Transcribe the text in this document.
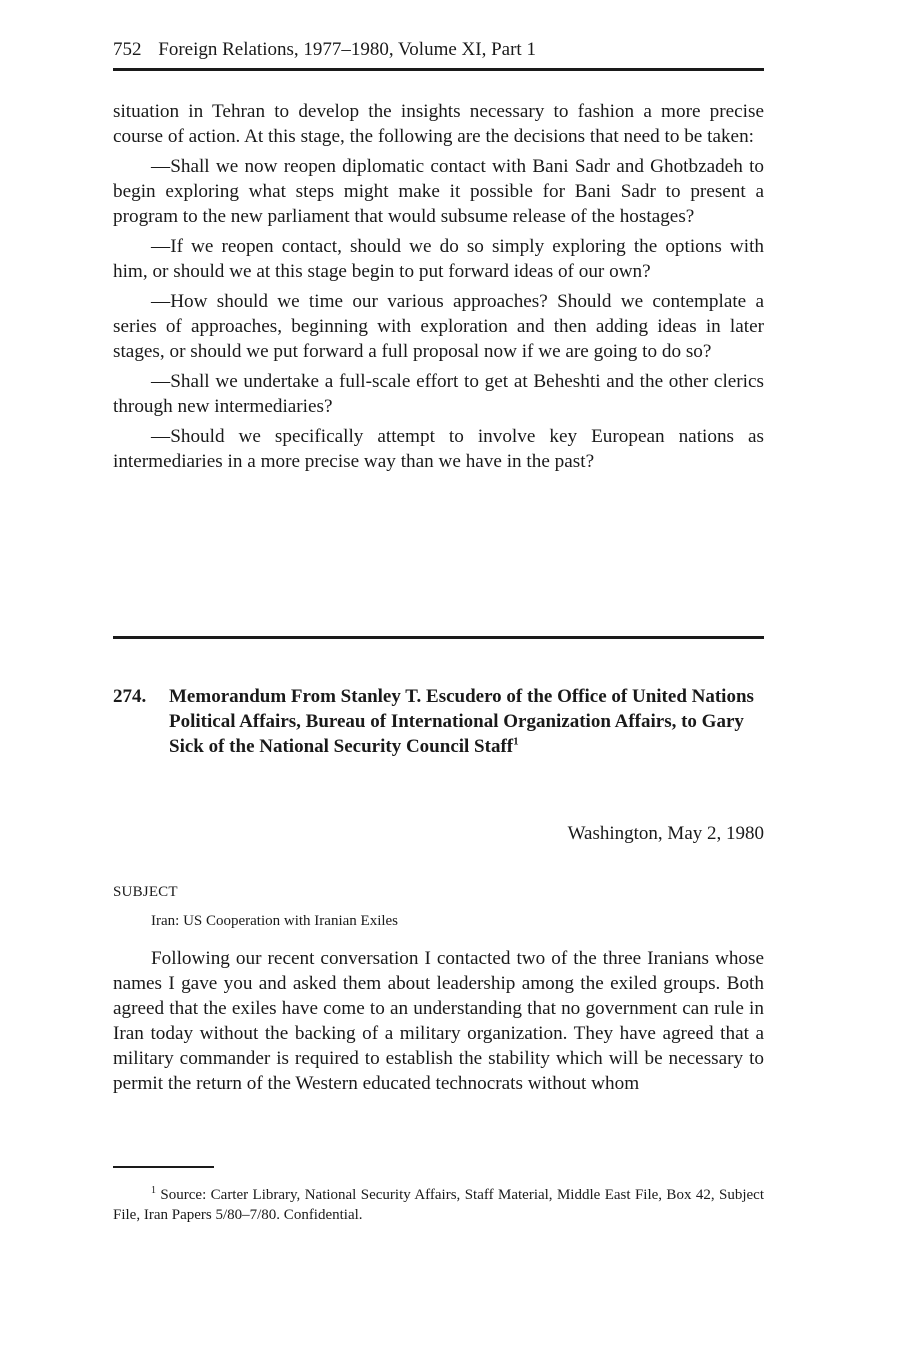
752 Foreign Relations, 1977–1980, Volume XI, Part 1

situation in Tehran to develop the insights necessary to fashion a more precise course of action. At this stage, the following are the decisions that need to be taken:

—Shall we now reopen diplomatic contact with Bani Sadr and Ghotbzadeh to begin exploring what steps might make it possible for Bani Sadr to present a program to the new parliament that would subsume release of the hostages?

—If we reopen contact, should we do so simply exploring the options with him, or should we at this stage begin to put forward ideas of our own?

—How should we time our various approaches? Should we contemplate a series of approaches, beginning with exploration and then adding ideas in later stages, or should we put forward a full proposal now if we are going to do so?

—Shall we undertake a full-scale effort to get at Beheshti and the other clerics through new intermediaries?

—Should we specifically attempt to involve key European nations as intermediaries in a more precise way than we have in the past?

274. Memorandum From Stanley T. Escudero of the Office of United Nations Political Affairs, Bureau of International Organization Affairs, to Gary Sick of the National Security Council Staff$^1$
Washington, May 2, 1980
SUBJECT
Iran: US Cooperation with Iranian Exiles

Following our recent conversation I contacted two of the three Iranians whose names I gave you and asked them about leadership among the exiled groups. Both agreed that the exiles have come to an understanding that no government can rule in Iran today without the backing of a military organization. They have agreed that a military commander is required to establish the stability which will be necessary to permit the return of the Western educated technocrats without whom

$^1$ Source: Carter Library, National Security Affairs, Staff Material, Middle East File, Box 42, Subject File, Iran Papers 5/80–7/80. Confidential.
